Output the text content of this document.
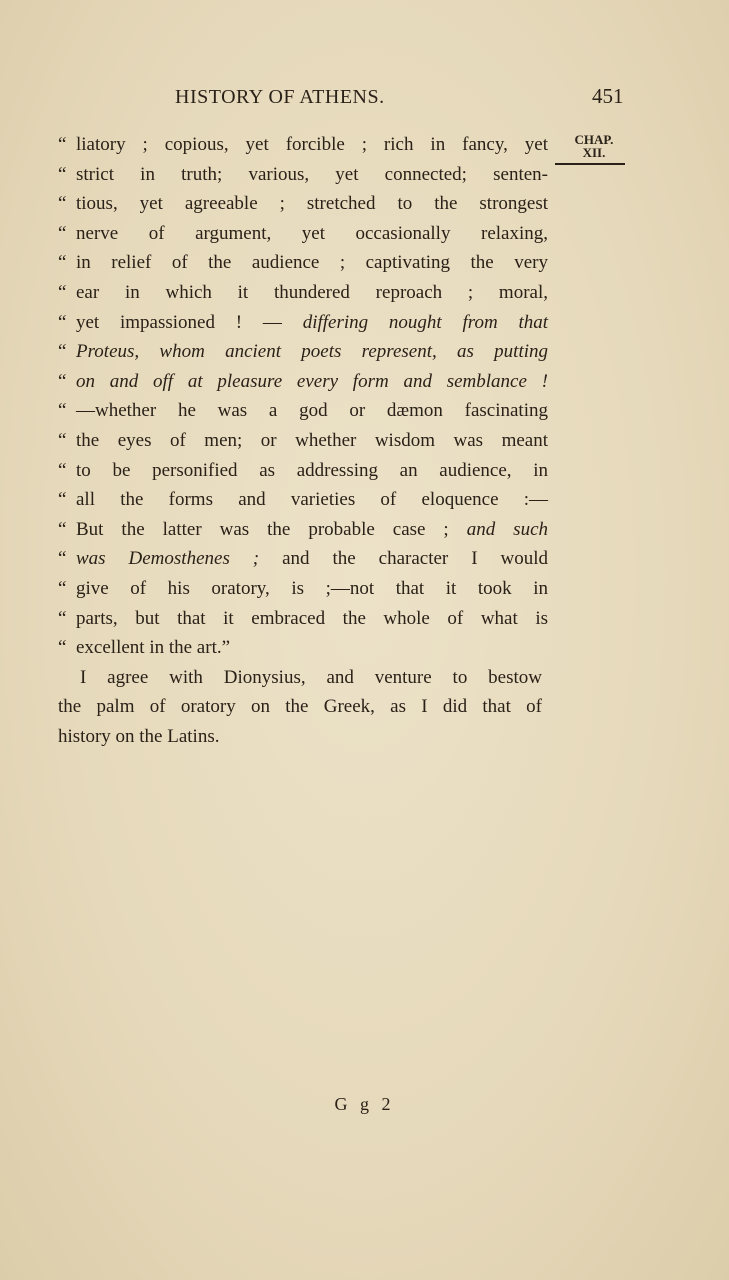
HISTORY OF ATHENS.	451
CHAP.
XII.
“ liatory ; copious, yet forcible ; rich in fancy, yet
“ strict in truth; various, yet connected; senten-
“ tious, yet agreeable ; stretched to the strongest
“ nerve of argument, yet occasionally relaxing,
“ in relief of the audience ; captivating the very
“ ear in which it thundered reproach ; moral,
“ yet impassioned ! — differing nought from that
“ Proteus, whom ancient poets represent, as putting
“ on and off at pleasure every form and semblance !
“ —whether he was a god or dæmon fascinating
“ the eyes of men; or whether wisdom was meant
“ to be personified as addressing an audience, in
“ all the forms and varieties of eloquence :—
“ But the latter was the probable case ; and such
“ was Demosthenes ; and the character I would
“ give of his oratory, is ;—not that it took in
“ parts, but that it embraced the whole of what is
“ excellent in the art.”
I agree with Dionysius, and venture to bestow
the palm of oratory on the Greek, as I did that of
history on the Latins.
G g 2
